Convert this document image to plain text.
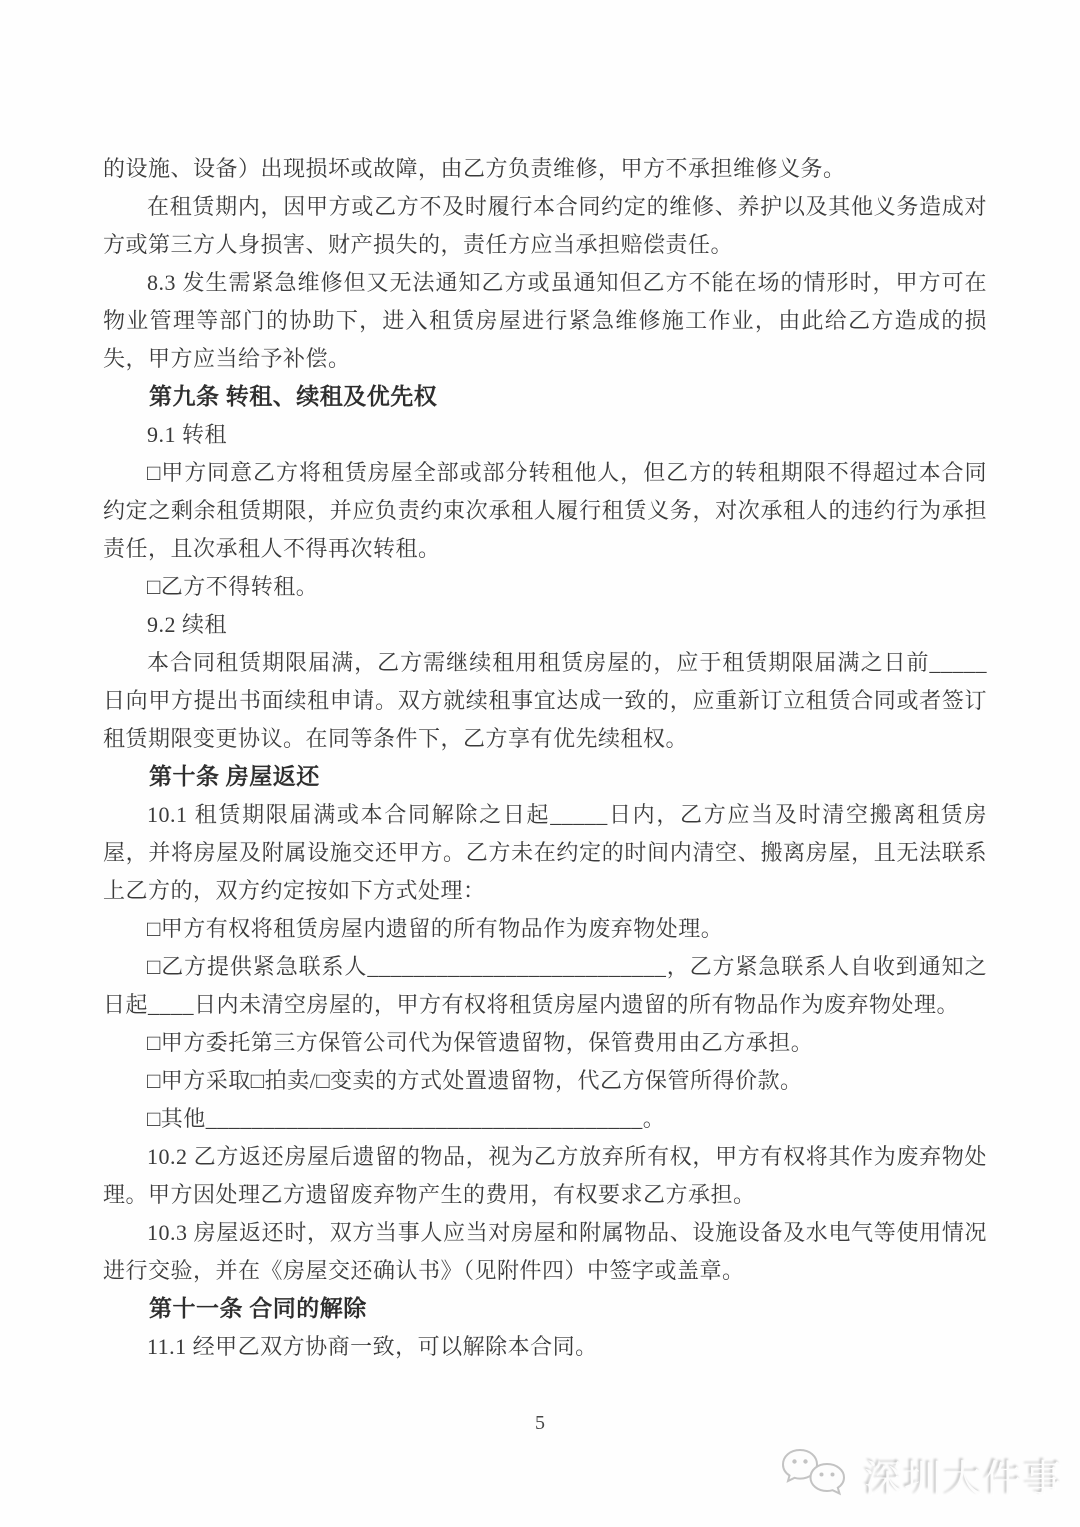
的设施、设备）出现损坏或故障，由乙方负责维修，甲方不承担维修义务。

在租赁期内，因甲方或乙方不及时履行本合同约定的维修、养护以及其他义务造成对方或第三方人身损害、财产损失的，责任方应当承担赔偿责任。

8.3 发生需紧急维修但又无法通知乙方或虽通知但乙方不能在场的情形时，甲方可在物业管理等部门的协助下，进入租赁房屋进行紧急维修施工作业，由此给乙方造成的损失，甲方应当给予补偿。

第九条 转租、续租及优先权

9.1 转租

□甲方同意乙方将租赁房屋全部或部分转租他人，但乙方的转租期限不得超过本合同约定之剩余租赁期限，并应负责约束次承租人履行租赁义务，对次承租人的违约行为承担责任，且次承租人不得再次转租。

□乙方不得转租。

9.2 续租

本合同租赁期限届满，乙方需继续租用租赁房屋的，应于租赁期限届满之日前_____日向甲方提出书面续租申请。双方就续租事宜达成一致的，应重新订立租赁合同或者签订租赁期限变更协议。在同等条件下，乙方享有优先续租权。

第十条 房屋返还

10.1 租赁期限届满或本合同解除之日起_____日内，乙方应当及时清空搬离租赁房屋，并将房屋及附属设施交还甲方。乙方未在约定的时间内清空、搬离房屋，且无法联系上乙方的，双方约定按如下方式处理：

□甲方有权将租赁房屋内遗留的所有物品作为废弃物处理。

□乙方提供紧急联系人__________________________，乙方紧急联系人自收到通知之日起____日内未清空房屋的，甲方有权将租赁房屋内遗留的所有物品作为废弃物处理。

□甲方委托第三方保管公司代为保管遗留物，保管费用由乙方承担。

□甲方采取□拍卖/□变卖的方式处置遗留物，代乙方保管所得价款。

□其他______________________________________。

10.2 乙方返还房屋后遗留的物品，视为乙方放弃所有权，甲方有权将其作为废弃物处理。甲方因处理乙方遗留废弃物产生的费用，有权要求乙方承担。

10.3 房屋返还时，双方当事人应当对房屋和附属物品、设施设备及水电气等使用情况进行交验，并在《房屋交还确认书》（见附件四）中签字或盖章。

第十一条 合同的解除

11.1 经甲乙双方协商一致，可以解除本合同。

5
深圳大件事
